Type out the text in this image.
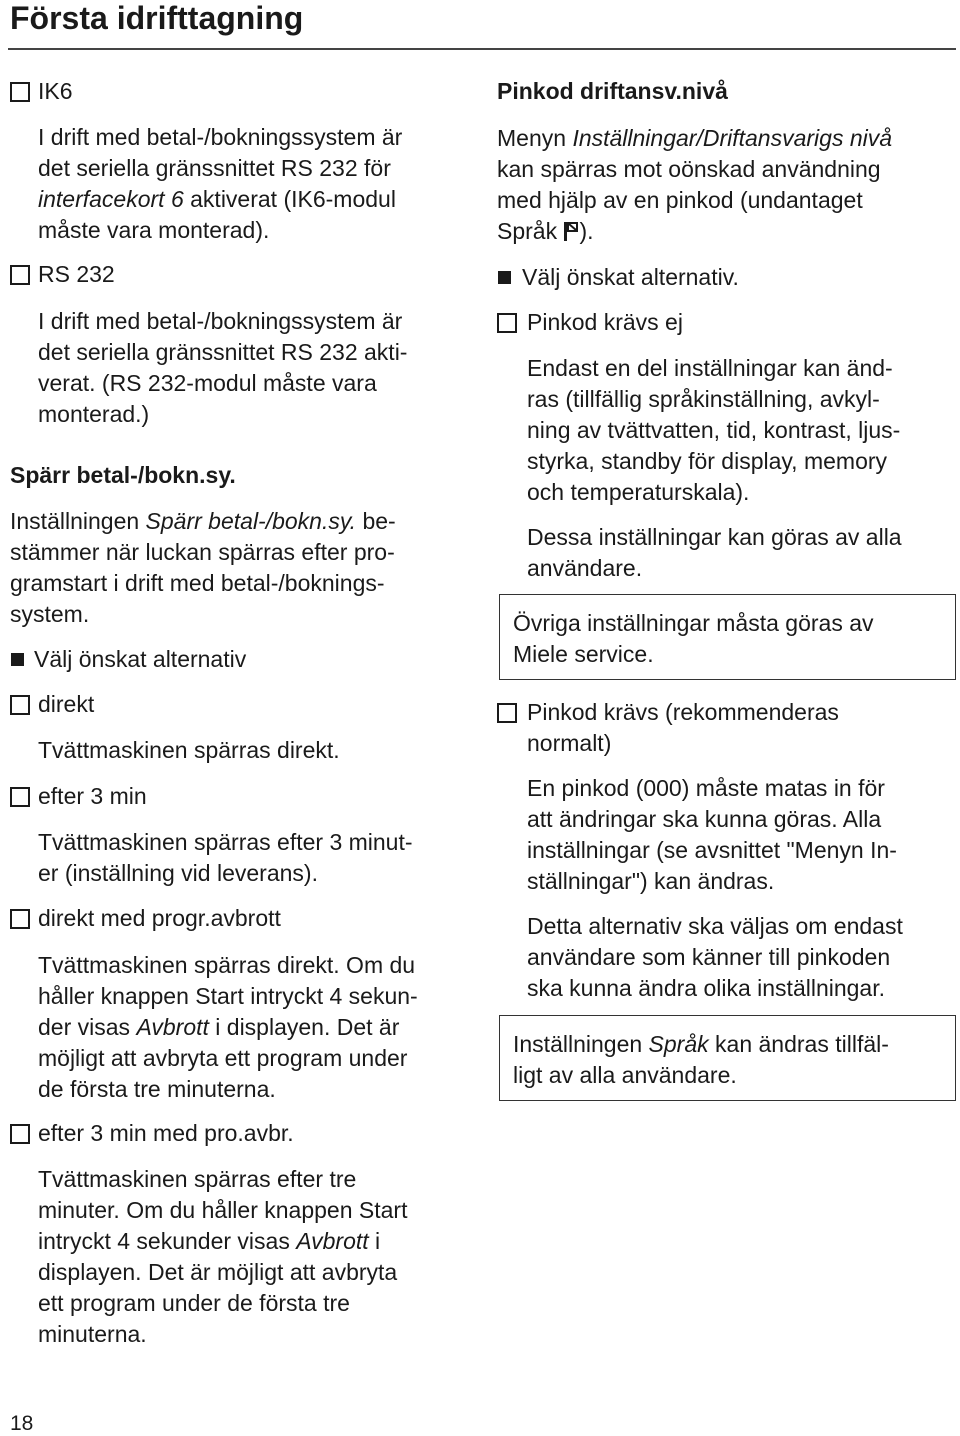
Första idrifttagning
IK6
I drift med betal-/bokningssystem är
det seriella gränssnittet RS 232 för
interfacekort 6 aktiverat (IK6-modul
måste vara monterad).
RS 232
I drift med betal-/bokningssystem är
det seriella gränssnittet RS 232 akti-
verat. (RS 232-modul måste vara
monterad.)
Spärr betal-/bokn.sy.
Inställningen Spärr betal-/bokn.sy. be-
stämmer när luckan spärras efter pro-
gramstart i drift med betal-/boknings-
system.
Välj önskat alternativ
direkt
Tvättmaskinen spärras direkt.
efter 3 min
Tvättmaskinen spärras efter 3 minut-
er (inställning vid leverans).
direkt med progr.avbrott
Tvättmaskinen spärras direkt. Om du
håller knappen Start intryckt 4 sekun-
der visas Avbrott i displayen. Det är
möjligt att avbryta ett program under
de första tre minuterna.
efter 3 min med pro.avbr.
Tvättmaskinen spärras efter tre
minuter. Om du håller knappen Start
intryckt 4 sekunder visas Avbrott i
displayen. Det är möjligt att avbryta
ett program under de första tre
minuterna.
Pinkod driftansv.nivå
Menyn Inställningar/Driftansvarigs nivå
kan spärras mot oönskad användning
med hjälp av en pinkod (undantaget
Språk ).
Välj önskat alternativ.
Pinkod krävs ej
Endast en del inställningar kan änd-
ras (tillfällig språkinställning, avkyl-
ning av tvättvatten, tid, kontrast, ljus-
styrka, standby för display, memory
och temperaturskala).
Dessa inställningar kan göras av alla
användare.
Övriga inställningar måsta göras av
Miele service.
Pinkod krävs (rekommenderas
normalt)
En pinkod (000) måste matas in för
att ändringar ska kunna göras. Alla
inställningar (se avsnittet "Menyn In-
ställningar") kan ändras.
Detta alternativ ska väljas om endast
användare som känner till pinkoden
ska kunna ändra olika inställningar.
Inställningen Språk kan ändras tillfäl-
ligt av alla användare.
18
